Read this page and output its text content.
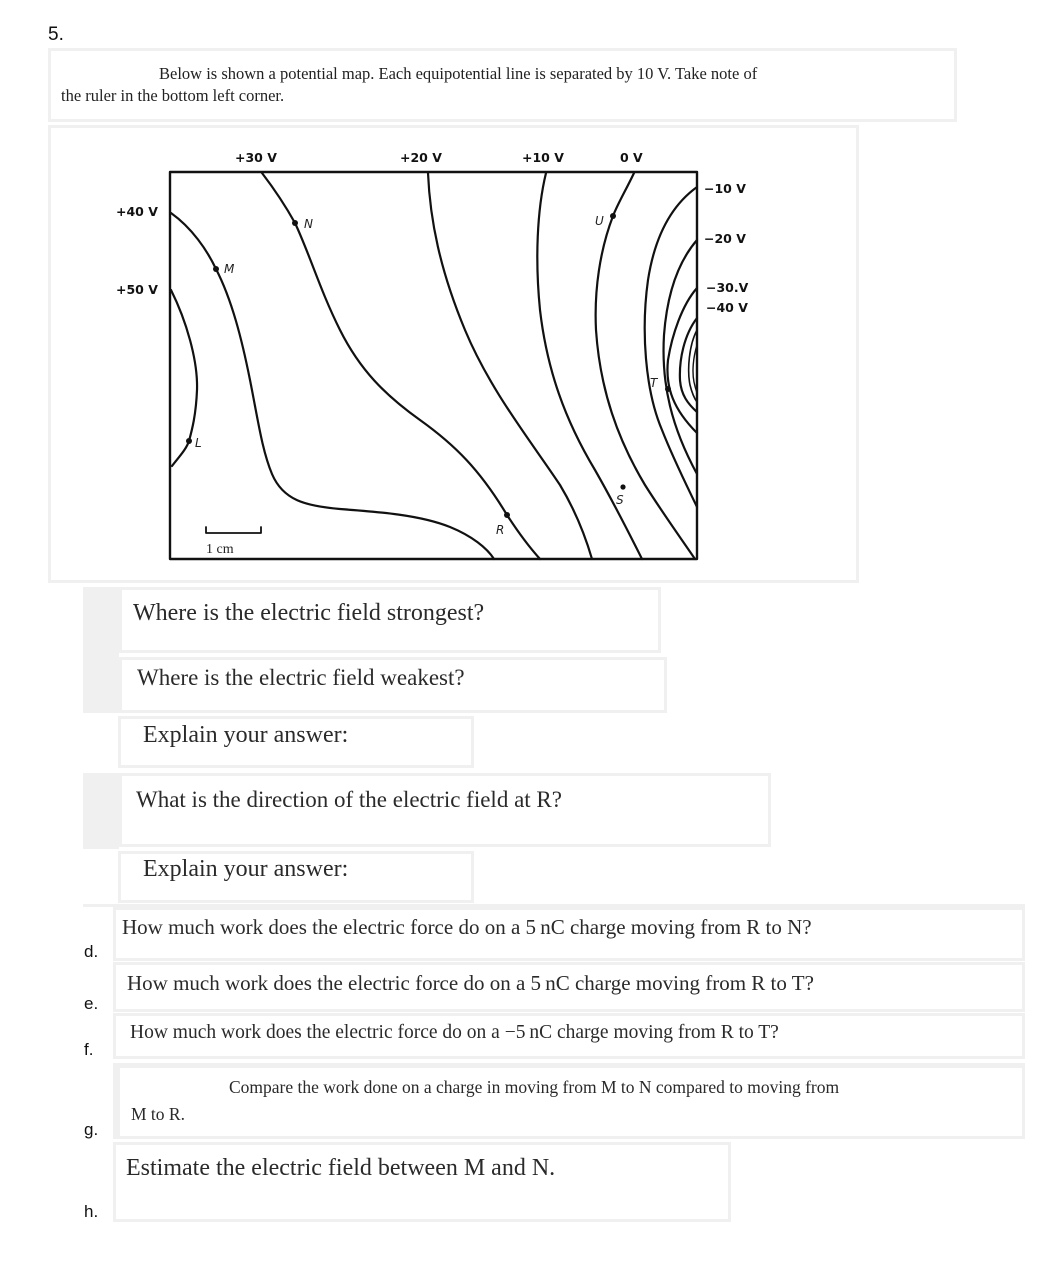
5.
Below is shown a potential map. Each equipotential line is separated by 10 V. Take note of
the ruler in the bottom left corner.
+30 V	+20 V	+10 V	0 V
+40 V
+50 V
−10 V
−20 V
−30.V
−40 V
L
M
N	U
T
S
R
1 cm
Where is the electric field strongest?
Where is the electric field weakest?
Explain your answer:
What is the direction of the electric field at R?
Explain your answer:
d.
How much work does the electric force do on a 5 nC charge moving from R to N?
e.
How much work does the electric force do on a 5 nC charge moving from R to T?
f.
How much work does the electric force do on a −5 nC charge moving from R to T?
g.
Compare the work done on a charge in moving from M to N compared to moving from
M to R.
h.
Estimate the electric field between M and N.
